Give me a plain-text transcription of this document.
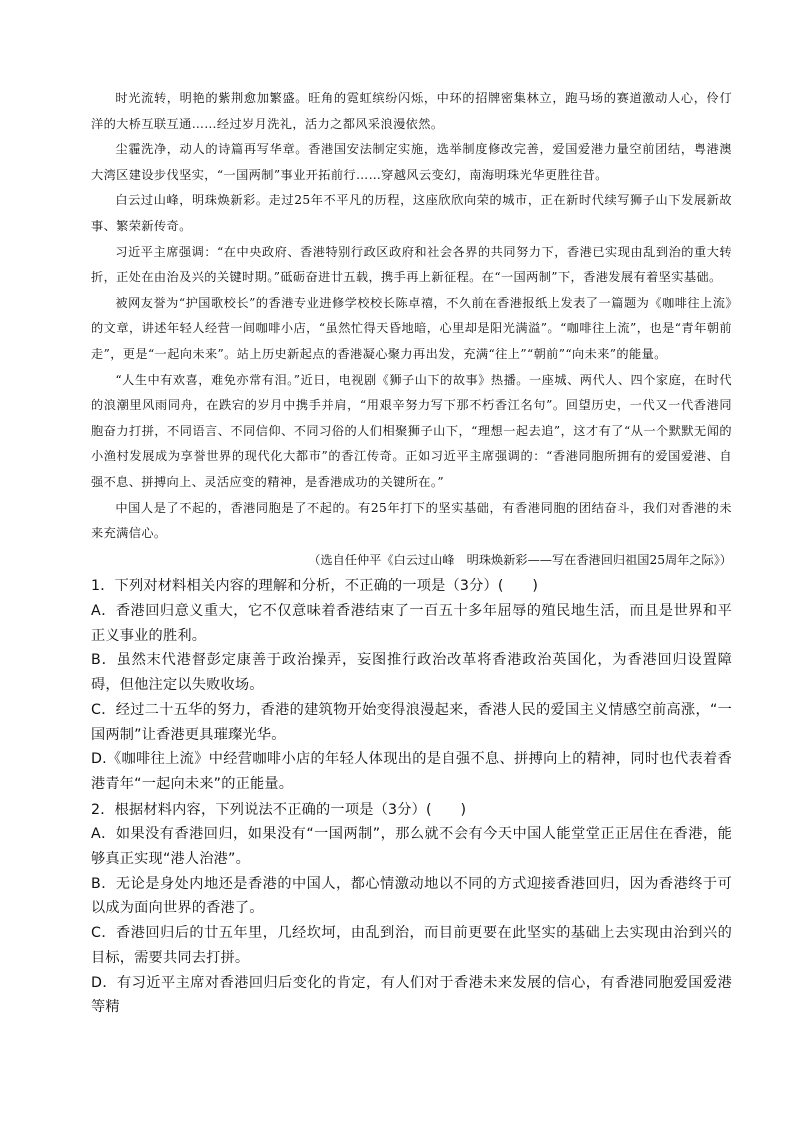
时光流转，明艳的紫荆愈加繁盛。旺角的霓虹缤纷闪烁，中环的招牌密集林立，跑马场的赛道激动人心，伶仃洋的大桥互联互通……经过岁月洗礼，活力之都风采浪漫依然。

尘霾洗净，动人的诗篇再写华章。香港国安法制定实施，选举制度修改完善，爱国爱港力量空前团结，粤港澳大湾区建设步伐坚实，“一国两制”事业开拓前行……穿越风云变幻，南海明珠光华更胜往昔。

白云过山峰，明珠焕新彩。走过25年不平凡的历程，这座欣欣向荣的城市，正在新时代续写狮子山下发展新故事、繁荣新传奇。

习近平主席强调：“在中央政府、香港特别行政区政府和社会各界的共同努力下，香港已实现由乱到治的重大转折，正处在由治及兴的关键时期。”砥砺奋进廿五载，携手再上新征程。在“一国两制”下，香港发展有着坚实基础。

被网友誉为“护国歌校长”的香港专业进修学校校长陈卓禧，不久前在香港报纸上发表了一篇题为《咖啡往上流》的文章，讲述年轻人经营一间咖啡小店，“虽然忙得天昏地暗，心里却是阳光满溢”。“咖啡往上流”，也是“青年朝前走”，更是“一起向未来”。站上历史新起点的香港凝心聚力再出发，充满“往上”“朝前”“向未来”的能量。

“人生中有欢喜，难免亦常有泪。”近日，电视剧《狮子山下的故事》热播。一座城、两代人、四个家庭，在时代的浪潮里风雨同舟，在跌宕的岁月中携手并肩，“用艰辛努力写下那不朽香江名句”。回望历史，一代又一代香港同胞奋力打拼，不同语言、不同信仰、不同习俗的人们相聚狮子山下，“理想一起去追”，这才有了“从一个默默无闻的小渔村发展成为享誉世界的现代化大都市”的香江传奇。正如习近平主席强调的：“香港同胞所拥有的爱国爱港、自强不息、拼搏向上、灵活应变的精神，是香港成功的关键所在。”

中国人是了不起的，香港同胞是了不起的。有25年打下的坚实基础，有香港同胞的团结奋斗，我们对香港的未来充满信心。

（选自任仲平《白云过山峰　明珠焕新彩——写在香港回归祖国25周年之际》）

1．下列对材料相关内容的理解和分析，不正确的一项是（3分）(　　)

A．香港回归意义重大，它不仅意味着香港结束了一百五十多年屈辱的殖民地生活，而且是世界和平正义事业的胜利。

B．虽然末代港督彭定康善于政治操弄，妄图推行政治改革将香港政治英国化，为香港回归设置障碍，但他注定以失败收场。

C．经过二十五华的努力，香港的建筑物开始变得浪漫起来，香港人民的爱国主义情感空前高涨，“一国两制”让香港更具璀璨光华。

D.《咖啡往上流》中经营咖啡小店的年轻人体现出的是自强不息、拼搏向上的精神，同时也代表着香港青年“一起向未来”的正能量。

2．根据材料内容，下列说法不正确的一项是（3分）(　　)

A．如果没有香港回归，如果没有“一国两制”，那么就不会有今天中国人能堂堂正正居住在香港，能够真正实现“港人治港”。

B．无论是身处内地还是香港的中国人，都心情激动地以不同的方式迎接香港回归，因为香港终于可以成为面向世界的香港了。

C．香港回归后的廿五年里，几经坎坷，由乱到治，而目前更要在此坚实的基础上去实现由治到兴的目标，需要共同去打拼。

D．有习近平主席对香港回归后变化的肯定，有人们对于香港未来发展的信心，有香港同胞爱国爱港等精
